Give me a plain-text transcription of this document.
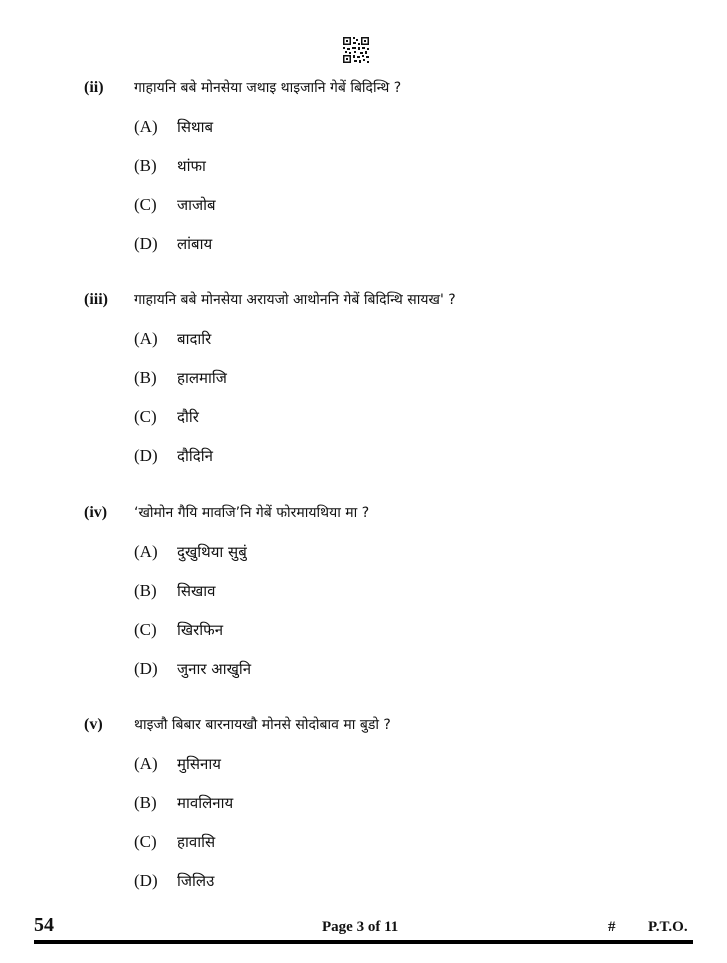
(ii) गाहायनि बबे मोनसेया जथाइ थाइजानि गेबें बिदिन्थि ?
(A) सिथाब
(B) थांफा
(C) जाजोब
(D) लांबाय
(iii) गाहायनि बबे मोनसेया अरायजो आथोननि गेबें बिदिन्थि सायख' ?
(A) बादारि
(B) हालमाजि
(C) दौरि
(D) दौदिनि
(iv) ‘खोमोन गैयि मावजि’नि गेबें फोरमायथिया मा ?
(A) दुखुथिया सुबुं
(B) सिखाव
(C) खिरफिन
(D) जुनार आखुनि
(v) थाइजौ बिबार बारनायखौ मोनसे सोदोबाव मा बुडो ?
(A) मुसिनाय
(B) मावलिनाय
(C) हावासि
(D) जिलिउ
54	Page 3 of 11	# P.T.O.
